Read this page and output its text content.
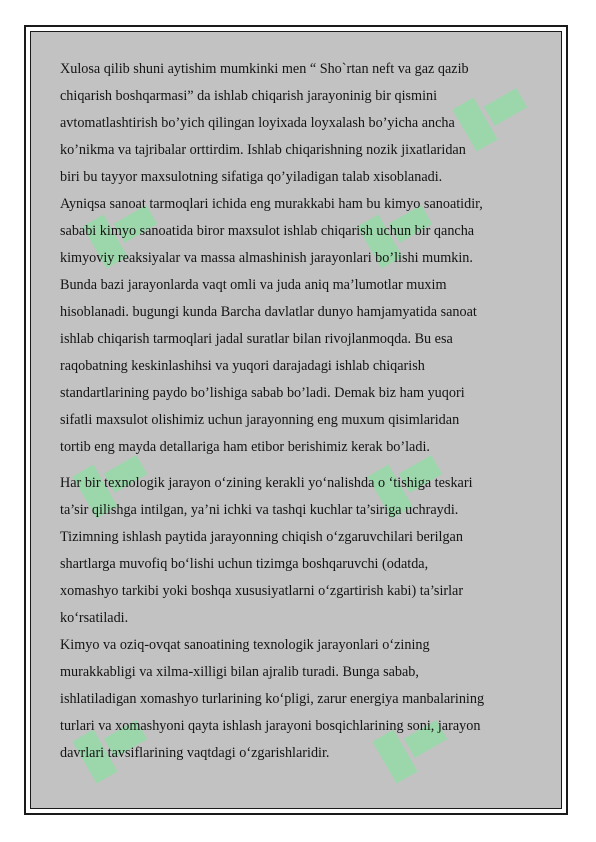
Xulosa qilib shuni aytishim mumkinki men “ Sho`rtan neft va gaz qazib
chiqarish boshqarmasi” da ishlab chiqarish jarayoninig bir qismini
avtomatlashtirish bo’yich qilingan loyixada loyxalash bo’yicha ancha
ko’nikma va tajribalar orttirdim. Ishlab chiqarishning nozik jixatlaridan
biri bu tayyor maxsulotning sifatiga qo’yiladigan talab xisoblanadi.
Ayniqsa sanoat tarmoqlari ichida eng murakkabi ham bu kimyo sanoatidir,
sababi kimyo sanoatida biror maxsulot ishlab chiqarish uchun bir qancha
kimyoviy reaksiyalar va massa almashinish jarayonlari bo’lishi mumkin.
Bunda bazi jarayonlarda vaqt omli va juda aniq ma’lumotlar muxim
hisoblanadi. bugungi kunda Barcha davlatlar dunyo hamjamyatida sanoat
ishlab chiqarish tarmoqlari jadal suratlar bilan rivojlanmoqda. Bu esa
raqobatning keskinlashihsi va yuqori darajadagi ishlab chiqarish
standartlarining paydo bo’lishiga sabab bo’ladi. Demak biz ham yuqori
sifatli maxsulot olishimiz uchun jarayonning eng muxum qisimlaridan
tortib eng mayda detallariga ham etibor berishimiz kerak bo’ladi.

Har bir texnologik jarayon o‘zining kerakli yo‘nalishda o ‘tishiga teskari
ta’sir qilishga intilgan, ya’ni ichki va tashqi kuchlar ta’siriga uchraydi.
Tizimning ishlash paytida jarayonning chiqish o‘zgaruvchilari berilgan
shartlarga muvofiq bo‘lishi uchun tizimga boshqaruvchi (odatda,
xomashyo tarkibi yoki boshqa xususiyatlarni o‘zgartirish kabi) ta’sirlar
ko‘rsatiladi.
Kimyo va oziq-ovqat sanoatining texnologik jarayonlari o‘zining
murakkabligi va xilma-xilligi bilan ajralib turadi. Bunga sabab,
ishlatiladigan xomashyo turlarining ko‘pligi, zarur energiya manbalarining
turlari va xomashyoni qayta ishlash jarayoni bosqichlarining soni, jarayon
davrlari tavsiflarining vaqtdagi o‘zgarishlaridir.
